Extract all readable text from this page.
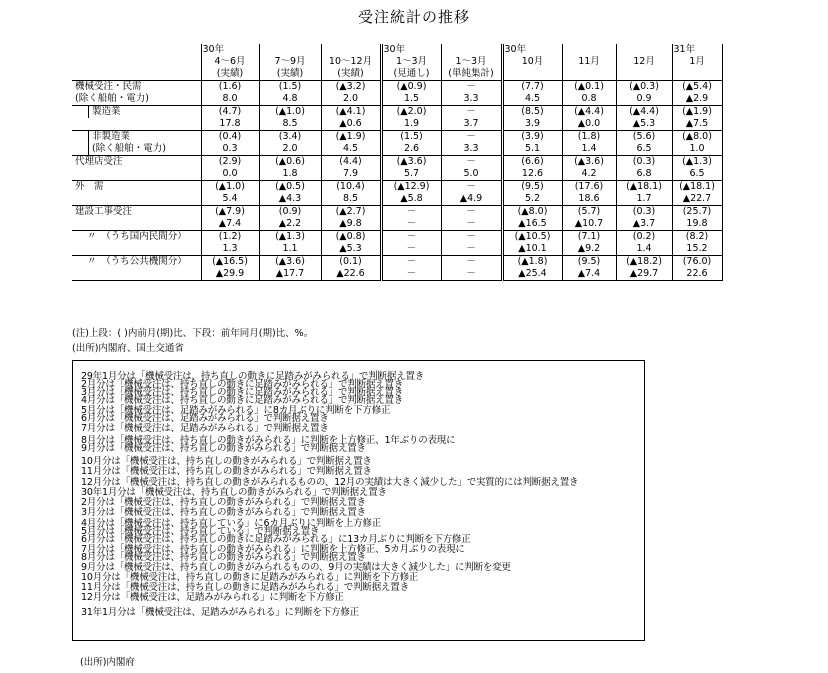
受注統計の推移
	30年			30年		30年			31年
	4～6月	7～9月	10～12月	1～3月	1～3月	10月	11月	12月	1月
	(実績)	(実績)	(実績)	(見通し)	(単純集計)				
機械受注・民需	(1.6)	(1.5)	(▲3.2)	(▲0.9)	－	(7.7)	(▲0.1)	(▲0.3)	(▲5.4)
(除く船舶・電力)	8.0	4.8	2.0	1.5	3.3	4.5	0.8	0.9	▲2.9

製造業	(4.7)	(▲1.0)	(▲4.1)	(▲2.0)	－	(8.5)	(▲4.4)	(▲4.4)	(▲1.9)

	17.8	8.5	▲0.6	1.9	3.7	3.9	▲0.0	▲5.3	▲7.5

非製造業	(0.4)	(3.4)	(▲1.9)	(1.5)	－	(3.9)	(1.8)	(5.6)	(▲8.0)

(除く船舶・電力)	0.3	2.0	4.5	2.6	3.3	5.1	1.4	6.5	1.0
代理店受注	(2.9)	(▲0.6)	(4.4)	(▲3.6)	－	(6.6)	(▲3.6)	(0.3)	(▲1.3)
	0.0	1.8	7.9	5.7	5.0	12.6	4.2	6.8	6.5
外　需	(▲1.0)	(▲0.5)	(10.4)	(▲12.9)	－	(9.5)	(17.6)	(▲18.1)	(▲18.1)
	5.4	▲4.3	8.5	▲5.8	▲4.9	5.2	18.6	1.7	▲22.7
建設工事受注	(▲7.9)	(0.9)	(▲2.7)	－	－	(▲8.0)	(5.7)	(0.3)	(25.7)
	▲7.4	▲2.2	▲9.8	－	－	▲16.5	▲10.7	▲3.7	19.8
〃　（うち国内民間分）	(1.2)	(▲1.3)	(▲0.8)	－	－	(▲10.5)	(7.1)	(0.2)	(8.2)
	1.3	1.1	▲5.3	－	－	▲10.1	▲9.2	1.4	15.2
〃　（うち公共機関分）	(▲16.5)	(▲3.6)	(0.1)	－	－	(▲1.8)	(9.5)	(▲18.2)	(76.0)
	▲29.9	▲17.7	▲22.6	－	－	▲25.4	▲7.4	▲29.7	22.6
(注)上段：( )内前月(期)比、下段：前年同月(期)比、%。
(出所)内閣府、国土交通省
29年1月分は「機械受注は、持ち直しの動きに足踏みがみられる」で判断据え置き
2月分は「機械受注は、持ち直しの動きに足踏みがみられる」で判断据え置き
3月分は「機械受注は、持ち直しの動きに足踏みがみられる」で判断据え置き
4月分は「機械受注は、持ち直しの動きに足踏みがみられる」で判断据え置き
5月分は「機械受注は、足踏みがみられる」に8カ月ぶりに判断を下方修正
6月分は「機械受注は、足踏みがみられる」で判断据え置き
7月分は「機械受注は、足踏みがみられる」で判断据え置き
8月分は「機械受注は、持ち直しの動きがみられる」に判断を上方修正、1年ぶりの表現に
9月分は「機械受注は、持ち直しの動きがみられる」で判断据え置き
10月分は「機械受注は、持ち直しの動きがみられる」で判断据え置き
11月分は「機械受注は、持ち直しの動きがみられる」で判断据え置き
12月分は「機械受注は、持ち直しの動きがみられるものの、12月の実績は大きく減少した」で実質的には判断据え置き
30年1月分は「機械受注は、持ち直しの動きがみられる」で判断据え置き
2月分は「機械受注は、持ち直しの動きがみられる」で判断据え置き
3月分は「機械受注は、持ち直しの動きがみられる」で判断据え置き
4月分は「機械受注は、持ち直している」に6カ月ぶりに判断を上方修正
5月分は「機械受注は、持ち直している」で判断据え置き
6月分は「機械受注は、持ち直しの動きに足踏みがみられる」に13カ月ぶりに判断を下方修正
7月分は「機械受注は、持ち直しの動きがみられる」に判断を上方修正、5カ月ぶりの表現に
8月分は「機械受注は、持ち直しの動きがみられる」で判断据え置き
9月分は「機械受注は、持ち直しの動きがみられるものの、9月の実績は大きく減少した」に判断を変更
10月分は「機械受注は、持ち直しの動きに足踏みがみられる」に判断を下方修正
11月分は「機械受注は、持ち直しの動きに足踏みがみられる」で判断据え置き
12月分は「機械受注は、足踏みがみられる」に判断を下方修正
31年1月分は「機械受注は、足踏みがみられる」に判断を下方修正
(出所)内閣府
